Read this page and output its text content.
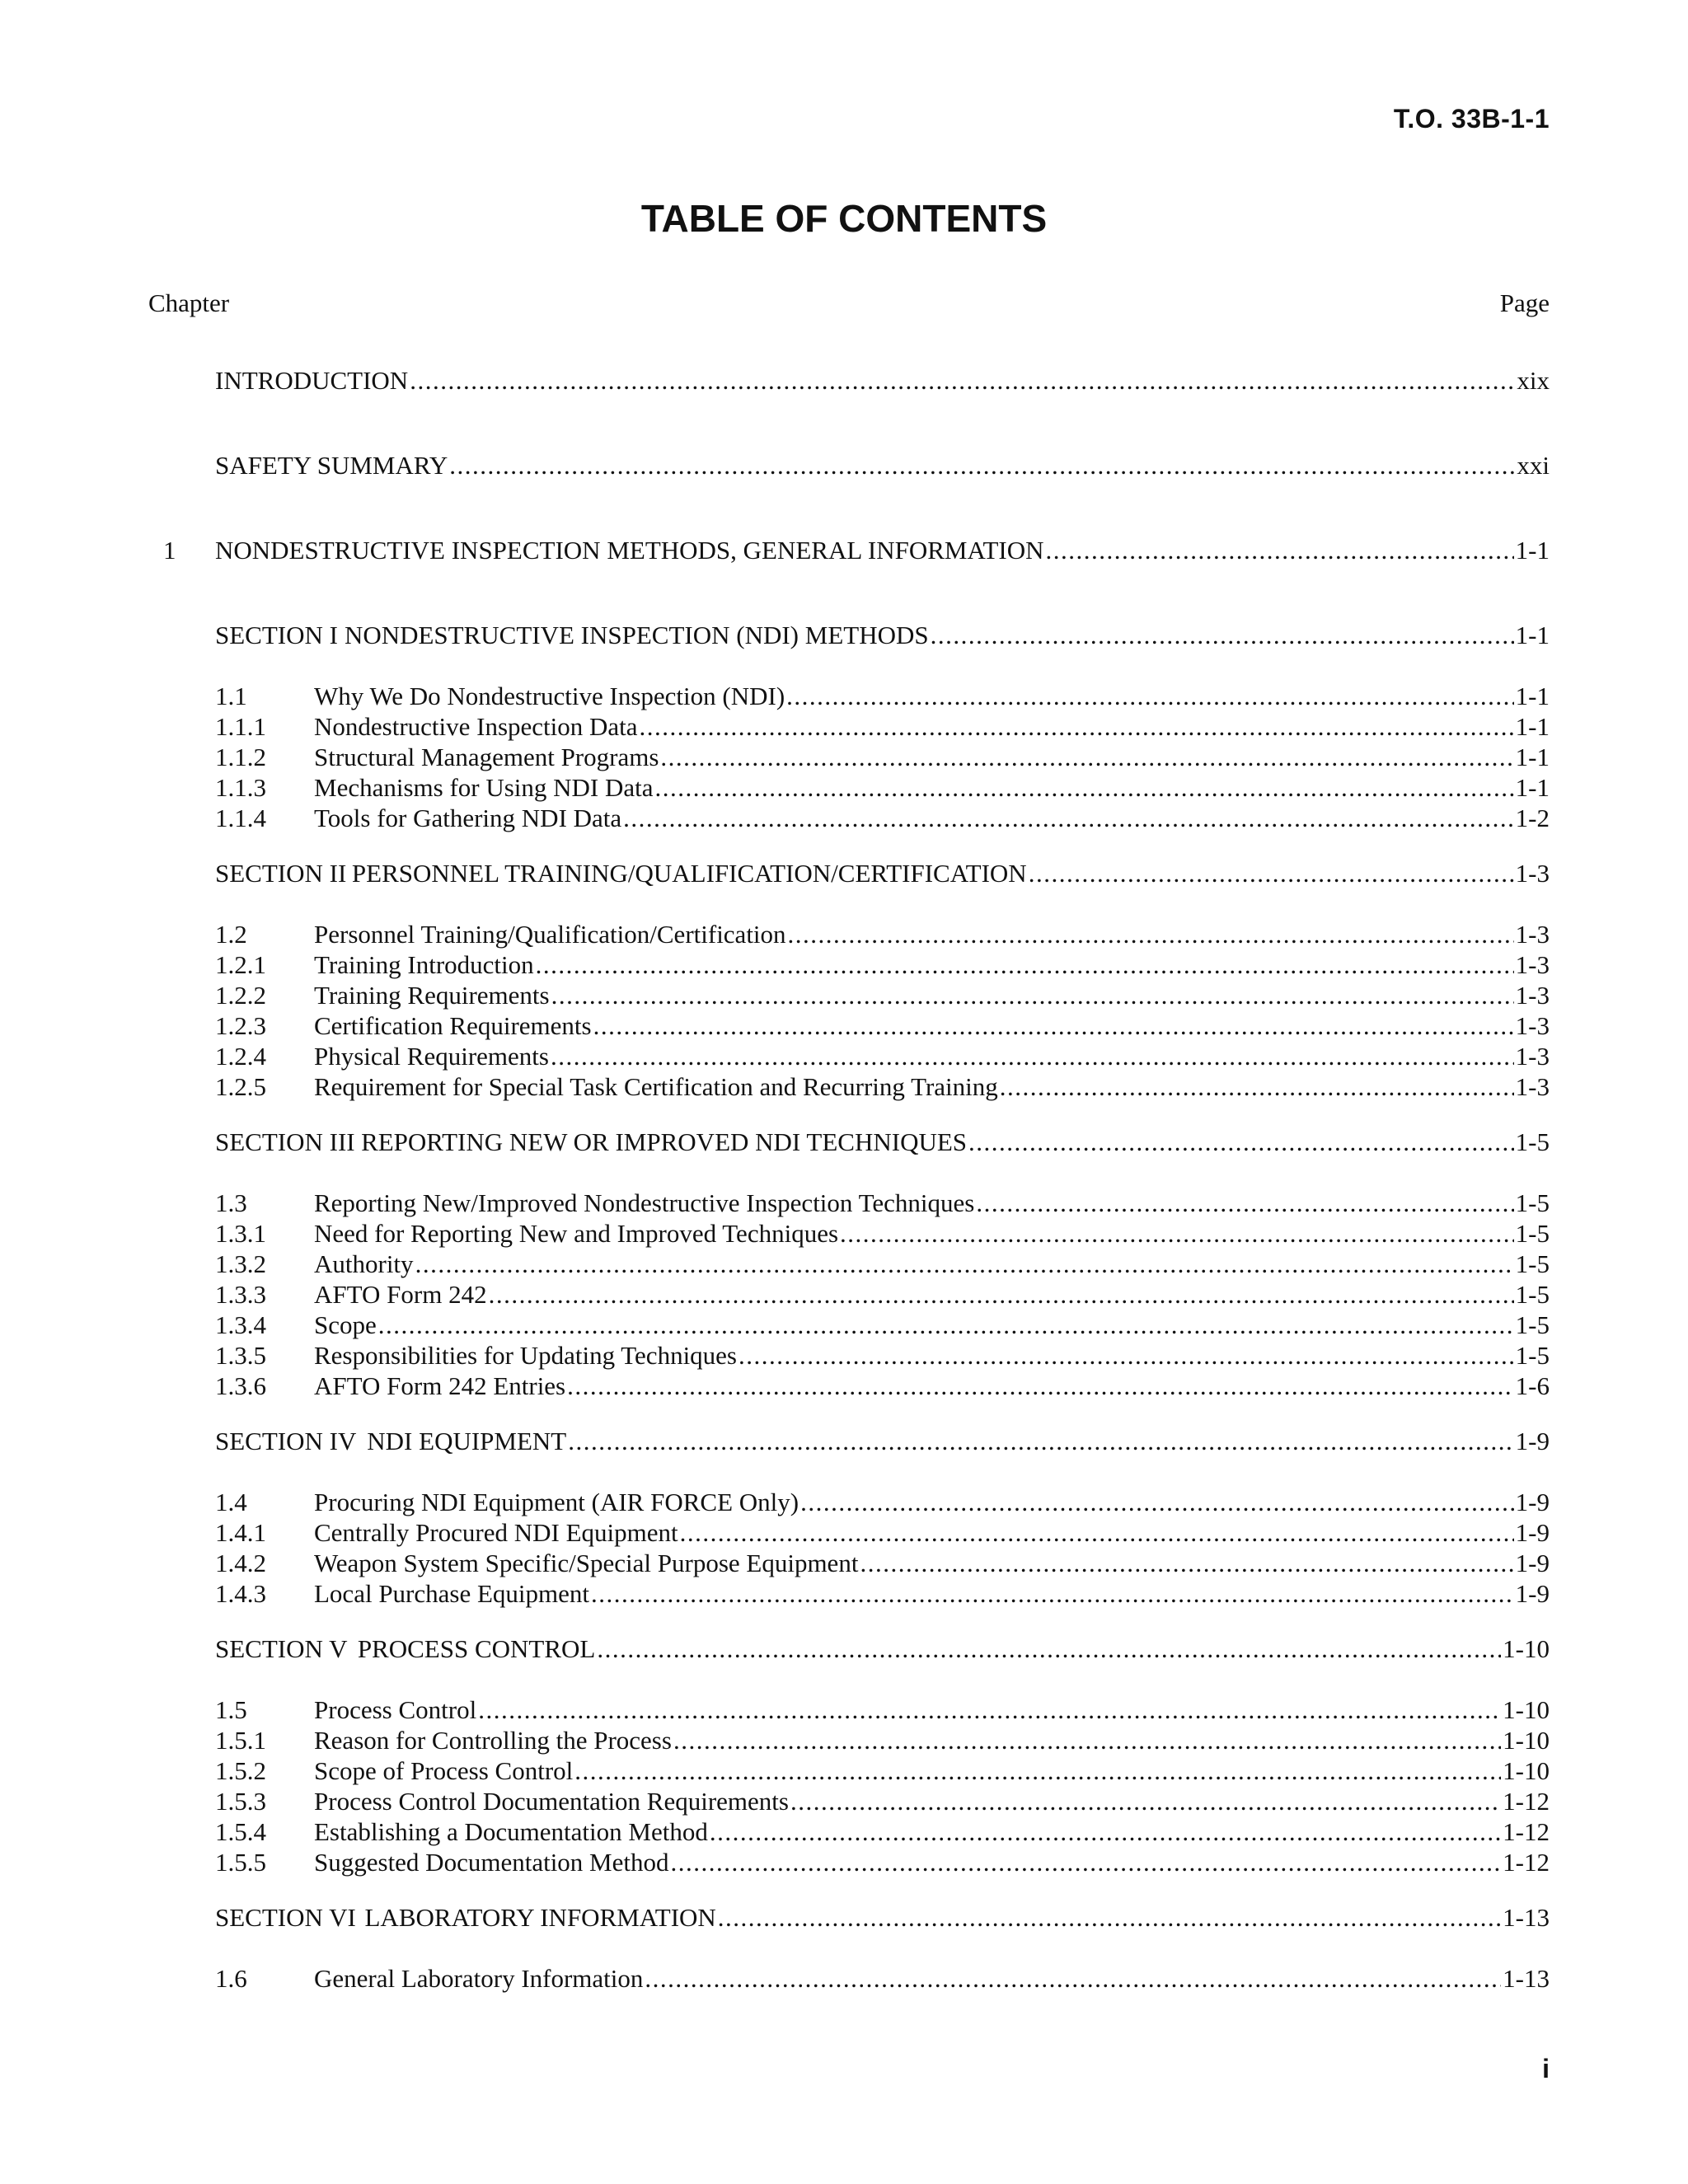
T.O. 33B-1-1
TABLE OF CONTENTS
Chapter	Page
INTRODUCTION .....	xix
SAFETY SUMMARY .....	xxi
1 NONDESTRUCTIVE INSPECTION METHODS, GENERAL INFORMATION .....	1-1
SECTION I NONDESTRUCTIVE INSPECTION (NDI) METHODS .....	1-1
1.1	Why We Do Nondestructive Inspection (NDI) .....	1-1
1.1.1 Nondestructive Inspection Data .....	1-1
1.1.2 Structural Management Programs .....	1-1
1.1.3 Mechanisms for Using NDI Data .....	1-1
1.1.4 Tools for Gathering NDI Data .....	1-2
SECTION II PERSONNEL TRAINING/QUALIFICATION/CERTIFICATION .....	1-3
1.2	Personnel Training/Qualification/Certification .....	1-3
1.2.1 Training Introduction .....	1-3
1.2.2 Training Requirements .....	1-3
1.2.3 Certification Requirements .....	1-3
1.2.4 Physical Requirements .....	1-3
1.2.5 Requirement for Special Task Certification and Recurring Training .....	1-3
SECTION III REPORTING NEW OR IMPROVED NDI TECHNIQUES .....	1-5
1.3	Reporting New/Improved Nondestructive Inspection Techniques .....	1-5
1.3.1 Need for Reporting New and Improved Techniques .....	1-5
1.3.2 Authority .....	1-5
1.3.3 AFTO Form 242 .....	1-5
1.3.4 Scope .....	1-5
1.3.5 Responsibilities for Updating Techniques .....	1-5
1.3.6 AFTO Form 242 Entries .....	1-6
SECTION IV NDI EQUIPMENT .....	1-9
1.4	Procuring NDI Equipment (AIR FORCE Only) .....	1-9
1.4.1 Centrally Procured NDI Equipment .....	1-9
1.4.2 Weapon System Specific/Special Purpose Equipment .....	1-9
1.4.3 Local Purchase Equipment .....	1-9
SECTION V PROCESS CONTROL .....	1-10
1.5	Process Control .....	1-10
1.5.1 Reason for Controlling the Process .....	1-10
1.5.2 Scope of Process Control .....	1-10
1.5.3 Process Control Documentation Requirements .....	1-12
1.5.4 Establishing a Documentation Method .....	1-12
1.5.5 Suggested Documentation Method .....	1-12
SECTION VI LABORATORY INFORMATION .....	1-13
1.6	General Laboratory Information .....	1-13
i
